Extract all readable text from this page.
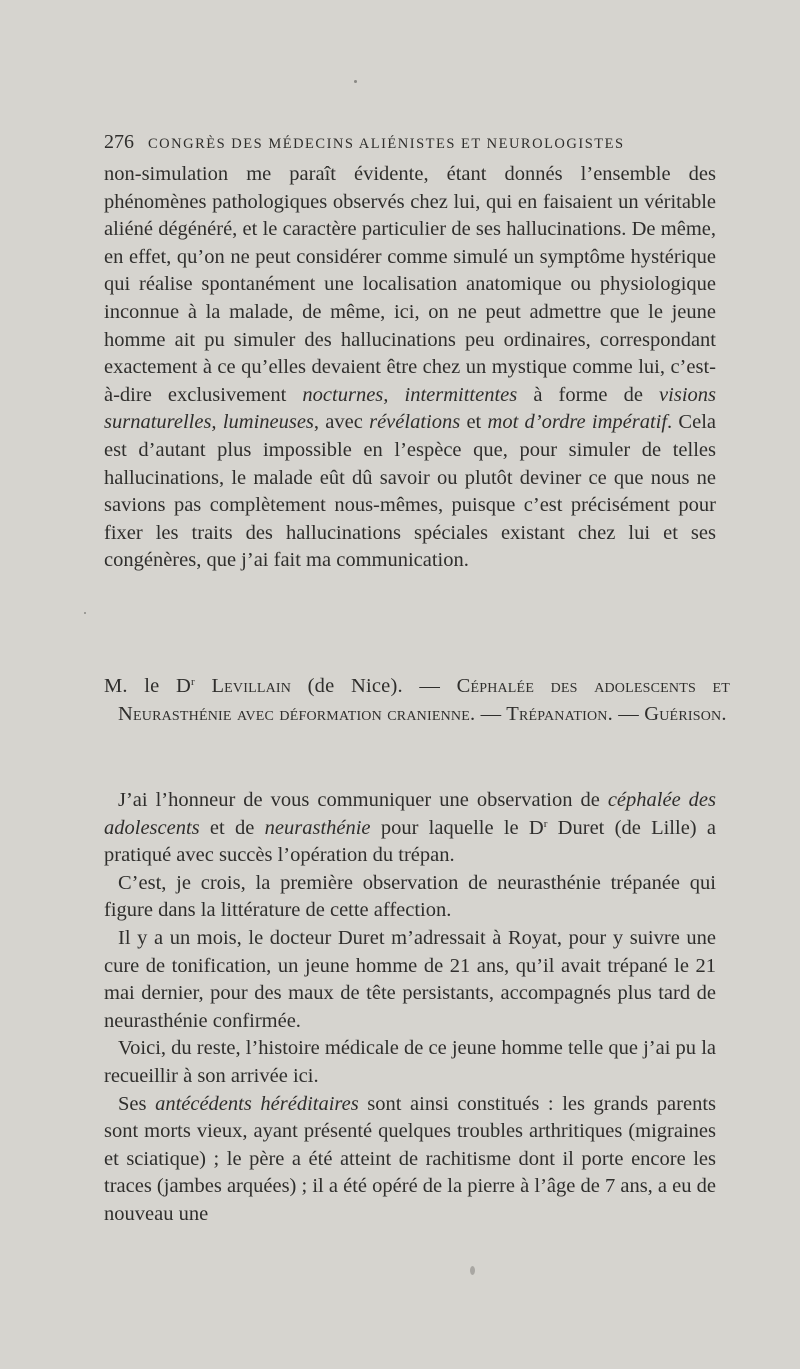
276 CONGRÈS DES MÉDECINS ALIÉNISTES ET NEUROLOGISTES

non-simulation me paraît évidente, étant donnés l’ensemble des phénomènes pathologiques observés chez lui, qui en faisaient un véritable aliéné dégénéré, et le caractère particulier de ses hallucinations. De même, en effet, qu’on ne peut considérer comme simulé un symptôme hystérique qui réalise spontanément une localisation anatomique ou physiologique inconnue à la malade, de même, ici, on ne peut admettre que le jeune homme ait pu simuler des hallucinations peu ordinaires, correspondant exactement à ce qu’elles devaient être chez un mystique comme lui, c’est-à-dire exclusivement nocturnes, intermittentes à forme de visions surnaturelles, lumineuses, avec révélations et mot d’ordre impératif. Cela est d’autant plus impossible en l’espèce que, pour simuler de telles hallucinations, le malade eût dû savoir ou plutôt deviner ce que nous ne savions pas complètement nous-mêmes, puisque c’est précisément pour fixer les traits des hallucinations spéciales existant chez lui et ses congénères, que j’ai fait ma communication.

M. le $D^r$ Levillain (de Nice). — Céphalée des adolescents et Neurasthénie avec déformation cranienne. — Trépanation. — Guérison.

J’ai l’honneur de vous communiquer une observation de céphalée des adolescents et de neurasthénie pour laquelle le $D^r$ Duret (de Lille) a pratiqué avec succès l’opération du trépan.

C’est, je crois, la première observation de neurasthénie trépanée qui figure dans la littérature de cette affection.

Il y a un mois, le docteur Duret m’adressait à Royat, pour y suivre une cure de tonification, un jeune homme de 21 ans, qu’il avait trépané le 21 mai dernier, pour des maux de tête persistants, accompagnés plus tard de neurasthénie confirmée.

Voici, du reste, l’histoire médicale de ce jeune homme telle que j’ai pu la recueillir à son arrivée ici.

Ses antécédents héréditaires sont ainsi constitués : les grands parents sont morts vieux, ayant présenté quelques troubles arthritiques (migraines et sciatique) ; le père a été atteint de rachitisme dont il porte encore les traces (jambes arquées) ; il a été opéré de la pierre à l’âge de 7 ans, a eu de nouveau une
